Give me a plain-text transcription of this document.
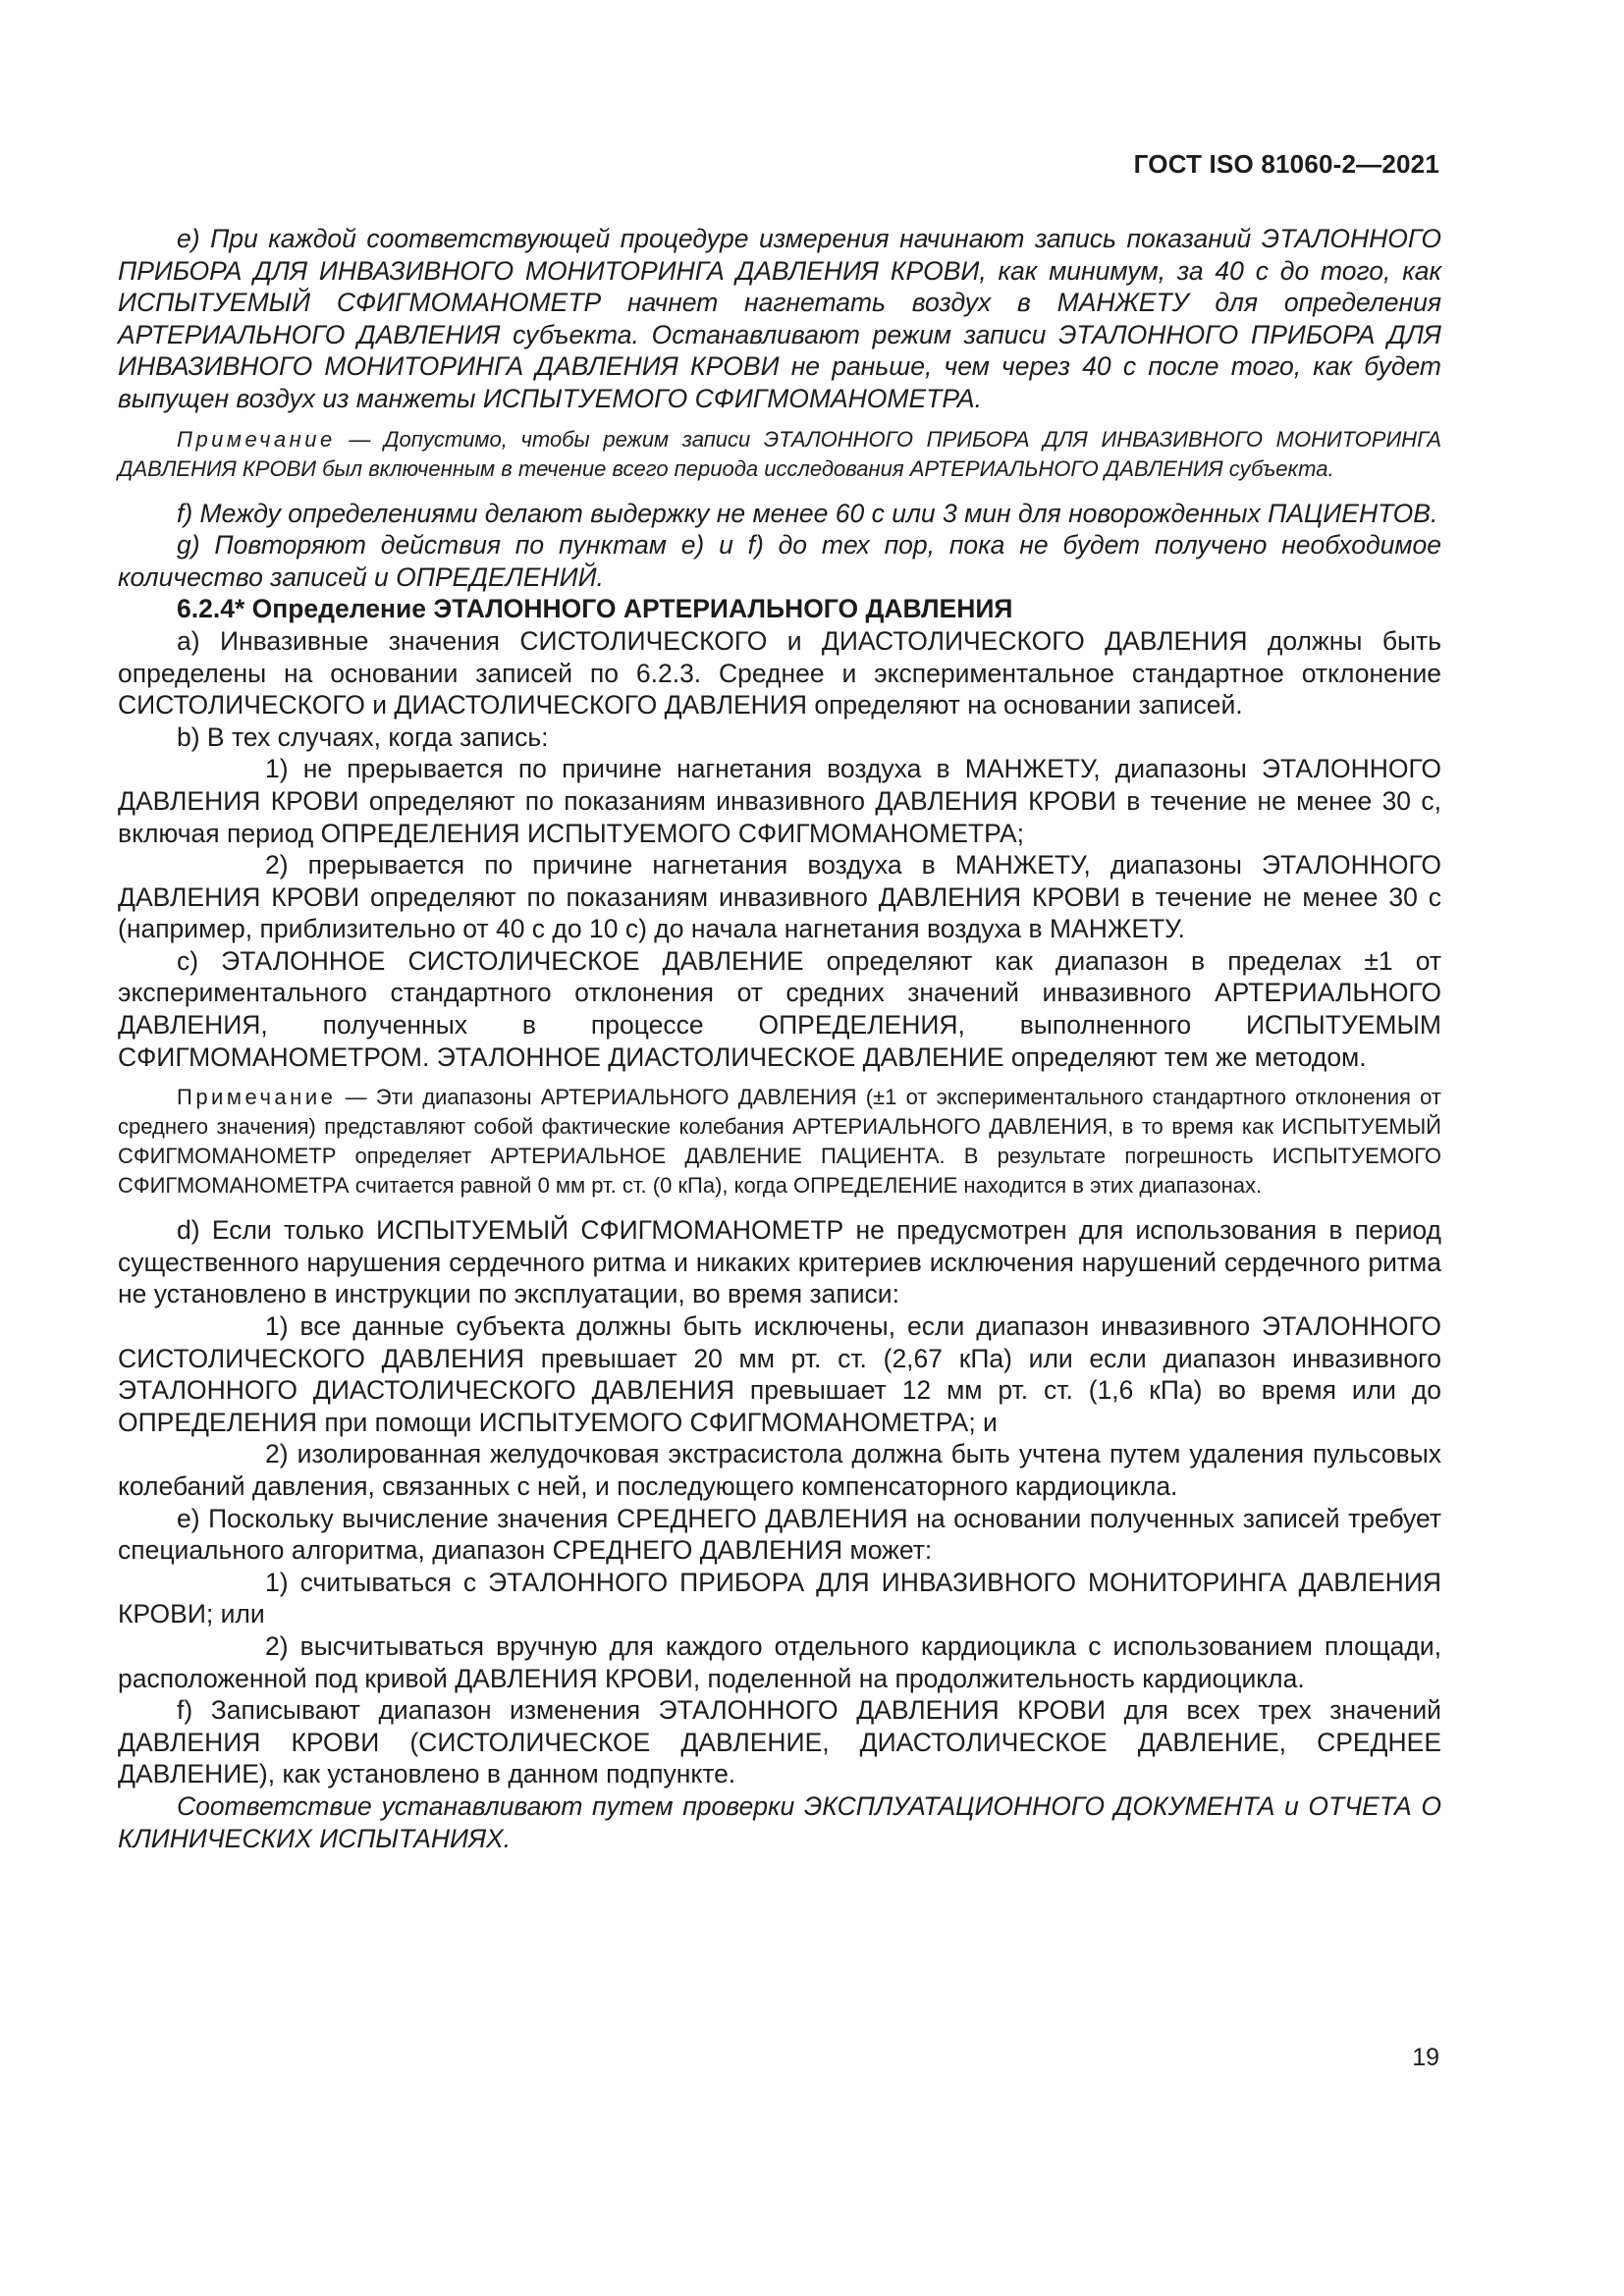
ГОСТ ISO 81060-2—2021

е) При каждой соответствующей процедуре измерения начинают запись показаний ЭТАЛОННОГО ПРИБОРА ДЛЯ ИНВАЗИВНОГО МОНИТОРИНГА ДАВЛЕНИЯ КРОВИ, как минимум, за 40 с до того, как ИСПЫТУЕМЫЙ СФИГМОМАНОМЕТР начнет нагнетать воздух в МАНЖЕТУ для определения АРТЕРИАЛЬНОГО ДАВЛЕНИЯ субъекта. Останавливают режим записи ЭТАЛОННОГО ПРИБОРА ДЛЯ ИНВАЗИВНОГО МОНИТОРИНГА ДАВЛЕНИЯ КРОВИ не раньше, чем через 40 с после того, как будет выпущен воздух из манжеты ИСПЫТУЕМОГО СФИГМОМАНОМЕТРА.

Примечание — Допустимо, чтобы режим записи ЭТАЛОННОГО ПРИБОРА ДЛЯ ИНВАЗИВНОГО МОНИТОРИНГА ДАВЛЕНИЯ КРОВИ был включенным в течение всего периода исследования АРТЕРИАЛЬНОГО ДАВЛЕНИЯ субъекта.

f) Между определениями делают выдержку не менее 60 с или 3 мин для новорожденных ПАЦИЕНТОВ.

g) Повторяют действия по пунктам е) и f) до тех пор, пока не будет получено необходимое количество записей и ОПРЕДЕЛЕНИЙ.

6.2.4* Определение ЭТАЛОННОГО АРТЕРИАЛЬНОГО ДАВЛЕНИЯ

a) Инвазивные значения СИСТОЛИЧЕСКОГО и ДИАСТОЛИЧЕСКОГО ДАВЛЕНИЯ должны быть определены на основании записей по 6.2.3. Среднее и экспериментальное стандартное отклонение СИСТОЛИЧЕСКОГО и ДИАСТОЛИЧЕСКОГО ДАВЛЕНИЯ определяют на основании записей.

b) В тех случаях, когда запись:

1) не прерывается по причине нагнетания воздуха в МАНЖЕТУ, диапазоны ЭТАЛОННОГО ДАВЛЕНИЯ КРОВИ определяют по показаниям инвазивного ДАВЛЕНИЯ КРОВИ в течение не менее 30 с, включая период ОПРЕДЕЛЕНИЯ ИСПЫТУЕМОГО СФИГМОМАНОМЕТРА;

2) прерывается по причине нагнетания воздуха в МАНЖЕТУ, диапазоны ЭТАЛОННОГО ДАВЛЕНИЯ КРОВИ определяют по показаниям инвазивного ДАВЛЕНИЯ КРОВИ в течение не менее 30 с (например, приблизительно от 40 с до 10 с) до начала нагнетания воздуха в МАНЖЕТУ.

c) ЭТАЛОННОЕ СИСТОЛИЧЕСКОЕ ДАВЛЕНИЕ определяют как диапазон в пределах ±1 от экспериментального стандартного отклонения от средних значений инвазивного АРТЕРИАЛЬНОГО ДАВЛЕНИЯ, полученных в процессе ОПРЕДЕЛЕНИЯ, выполненного ИСПЫТУЕМЫМ СФИГМОМАНОМЕТРОМ. ЭТАЛОННОЕ ДИАСТОЛИЧЕСКОЕ ДАВЛЕНИЕ определяют тем же методом.

Примечание — Эти диапазоны АРТЕРИАЛЬНОГО ДАВЛЕНИЯ (±1 от экспериментального стандартного отклонения от среднего значения) представляют собой фактические колебания АРТЕРИАЛЬНОГО ДАВЛЕНИЯ, в то время как ИСПЫТУЕМЫЙ СФИГМОМАНОМЕТР определяет АРТЕРИАЛЬНОЕ ДАВЛЕНИЕ ПАЦИЕНТА. В результате погрешность ИСПЫТУЕМОГО СФИГМОМАНОМЕТРА считается равной 0 мм рт. ст. (0 кПа), когда ОПРЕДЕЛЕНИЕ находится в этих диапазонах.

d) Если только ИСПЫТУЕМЫЙ СФИГМОМАНОМЕТР не предусмотрен для использования в период существенного нарушения сердечного ритма и никаких критериев исключения нарушений сердечного ритма не установлено в инструкции по эксплуатации, во время записи:

1) все данные субъекта должны быть исключены, если диапазон инвазивного ЭТАЛОННОГО СИСТОЛИЧЕСКОГО ДАВЛЕНИЯ превышает 20 мм рт. ст. (2,67 кПа) или если диапазон инвазивного ЭТАЛОННОГО ДИАСТОЛИЧЕСКОГО ДАВЛЕНИЯ превышает 12 мм рт. ст. (1,6 кПа) во время или до ОПРЕДЕЛЕНИЯ при помощи ИСПЫТУЕМОГО СФИГМОМАНОМЕТРА; и

2) изолированная желудочковая экстрасистола должна быть учтена путем удаления пульсовых колебаний давления, связанных с ней, и последующего компенсаторного кардиоцикла.

e) Поскольку вычисление значения СРЕДНЕГО ДАВЛЕНИЯ на основании полученных записей требует специального алгоритма, диапазон СРЕДНЕГО ДАВЛЕНИЯ может:

1) считываться с ЭТАЛОННОГО ПРИБОРА ДЛЯ ИНВАЗИВНОГО МОНИТОРИНГА ДАВЛЕНИЯ КРОВИ; или

2) высчитываться вручную для каждого отдельного кардиоцикла с использованием площади, расположенной под кривой ДАВЛЕНИЯ КРОВИ, поделенной на продолжительность кардиоцикла.

f) Записывают диапазон изменения ЭТАЛОННОГО ДАВЛЕНИЯ КРОВИ для всех трех значений ДАВЛЕНИЯ КРОВИ (СИСТОЛИЧЕСКОЕ ДАВЛЕНИЕ, ДИАСТОЛИЧЕСКОЕ ДАВЛЕНИЕ, СРЕДНЕЕ ДАВЛЕНИЕ), как установлено в данном подпункте.

Соответствие устанавливают путем проверки ЭКСПЛУАТАЦИОННОГО ДОКУМЕНТА и ОТЧЕТА О КЛИНИЧЕСКИХ ИСПЫТАНИЯХ.

19
